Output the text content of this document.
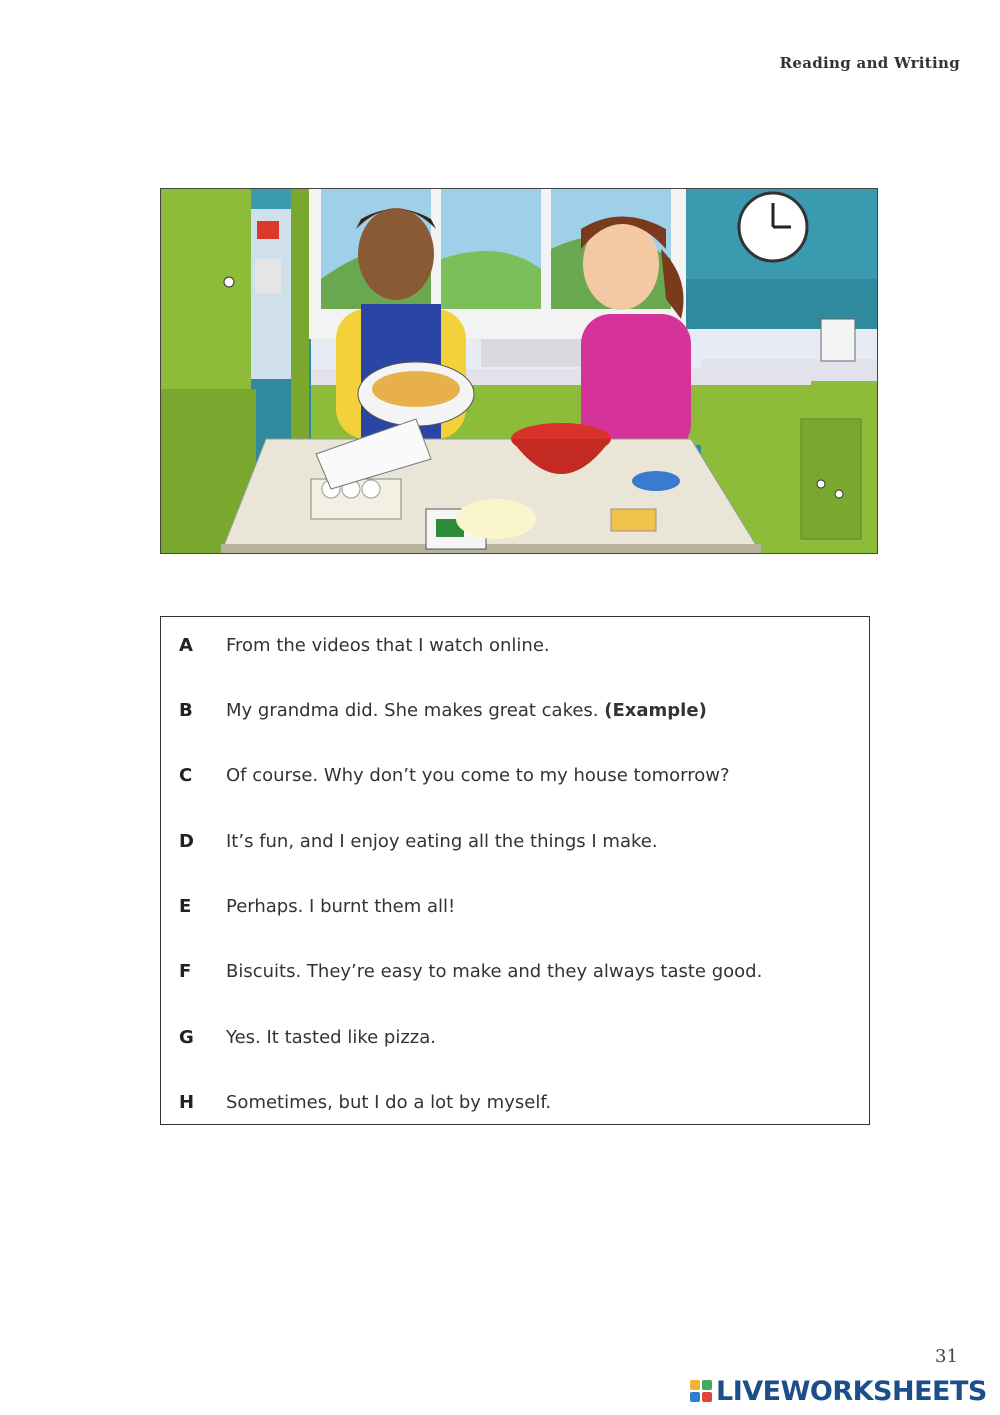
Reading and Writing
A From the videos that I watch online.
B My grandma did. She makes great cakes. (Example)
C Of course. Why don’t you come to my house tomorrow?
D It’s fun, and I enjoy eating all the things I make.
E Perhaps. I burnt them all!
F Biscuits. They’re easy to make and they always taste good.
G Yes. It tasted like pizza.
H Sometimes, but I do a lot by myself.
31
LIVEWORKSHEETS
